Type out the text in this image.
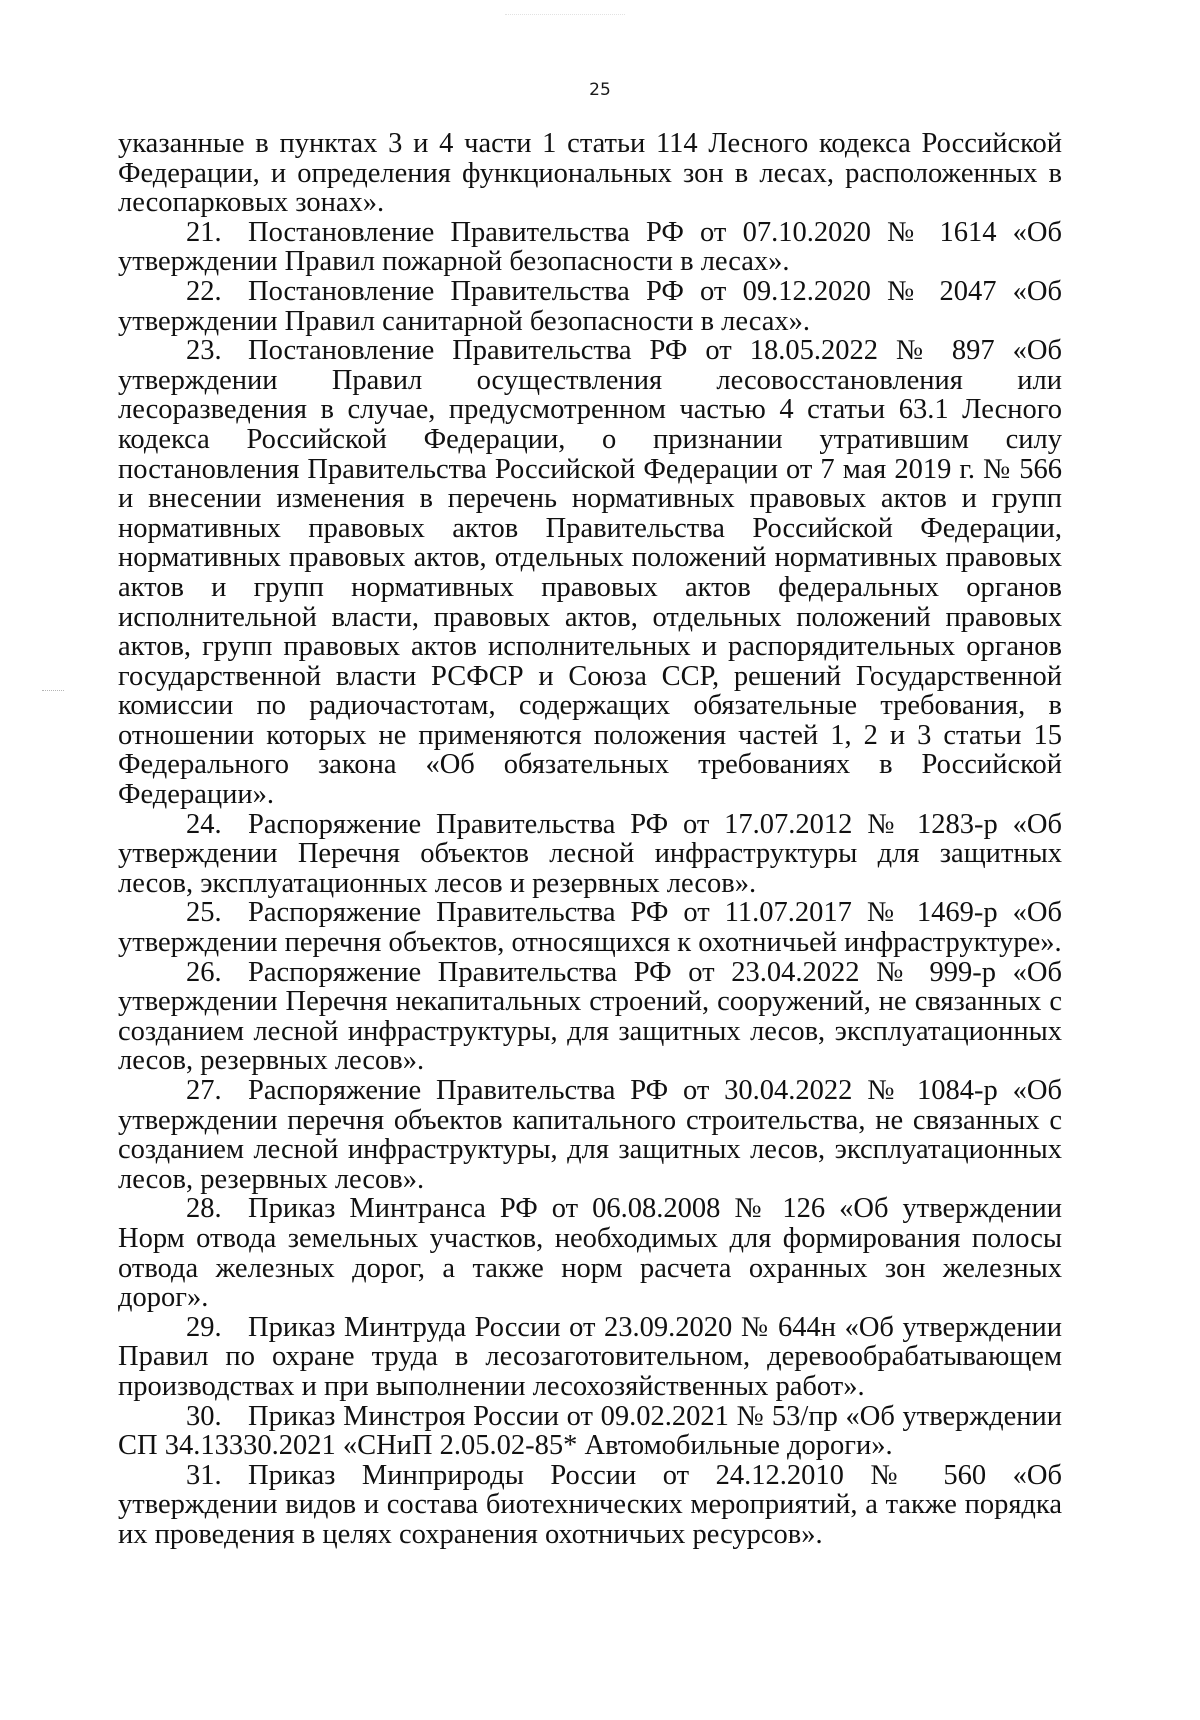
25

указанные в пунктах 3 и 4 части 1 статьи 114 Лесного кодекса Российской Федерации, и определения функциональных зон в лесах, расположенных в лесопарковых зонах».

21. Постановление Правительства РФ от 07.10.2020 № 1614 «Об утверждении Правил пожарной безопасности в лесах».

22. Постановление Правительства РФ от 09.12.2020 № 2047 «Об утверждении Правил санитарной безопасности в лесах».

23. Постановление Правительства РФ от 18.05.2022 № 897 «Об утверждении Правил осуществления лесовосстановления или лесоразведения в случае, предусмотренном частью 4 статьи 63.1 Лесного кодекса Российской Федерации, о признании утратившим силу постановления Правительства Российской Федерации от 7 мая 2019 г. № 566 и внесении изменения в перечень нормативных правовых актов и групп нормативных правовых актов Правительства Российской Федерации, нормативных правовых актов, отдельных положений нормативных правовых актов и групп нормативных правовых актов федеральных органов исполнительной власти, правовых актов, отдельных положений правовых актов, групп правовых актов исполнительных и распорядительных органов государственной власти РСФСР и Союза ССР, решений Государственной комиссии по радиочастотам, содержащих обязательные требования, в отношении которых не применяются положения частей 1, 2 и 3 статьи 15 Федерального закона «Об обязательных требованиях в Российской Федерации».

24. Распоряжение Правительства РФ от 17.07.2012 № 1283-р «Об утверждении Перечня объектов лесной инфраструктуры для защитных лесов, эксплуатационных лесов и резервных лесов».

25. Распоряжение Правительства РФ от 11.07.2017 № 1469-р «Об утверждении перечня объектов, относящихся к охотничьей инфраструктуре».

26. Распоряжение Правительства РФ от 23.04.2022 № 999-р «Об утверждении Перечня некапитальных строений, сооружений, не связанных с созданием лесной инфраструктуры, для защитных лесов, эксплуатационных лесов, резервных лесов».

27. Распоряжение Правительства РФ от 30.04.2022 № 1084-р «Об утверждении перечня объектов капитального строительства, не связанных с созданием лесной инфраструктуры, для защитных лесов, эксплуатационных лесов, резервных лесов».

28. Приказ Минтранса РФ от 06.08.2008 № 126 «Об утверждении Норм отвода земельных участков, необходимых для формирования полосы отвода железных дорог, а также норм расчета охранных зон железных дорог».

29. Приказ Минтруда России от 23.09.2020 № 644н «Об утверждении Правил по охране труда в лесозаготовительном, деревообрабатывающем производствах и при выполнении лесохозяйственных работ».

30. Приказ Минстроя России от 09.02.2021 № 53/пр «Об утверждении СП 34.13330.2021 «СНиП 2.05.02-85* Автомобильные дороги».

31. Приказ Минприроды России от 24.12.2010 № 560 «Об утверждении видов и состава биотехнических мероприятий, а также порядка их проведения в целях сохранения охотничьих ресурсов».
